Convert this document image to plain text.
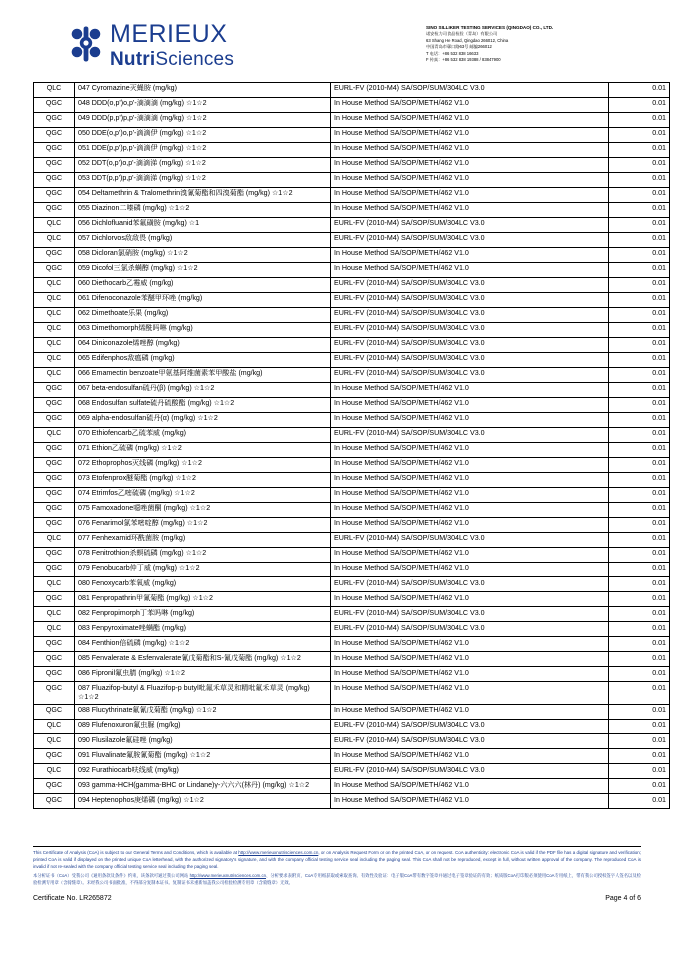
MERIEUX
NutriSciences
SINO SILLIKER TESTING SERVICES (QINGDAO) CO., LTD.
诺安检力司食品检验（青岛）有限公司
63 Shang He Road, Qingdao 266012, China
中国青岛市鄣口路63号 邮编266012
T 电话：+86 532 838 16633
F 传真：+86 532 838 19388 / 83847900
QLC	047 Cyromazine灭蝇胺 (mg/kg)	EURL-FV (2010-M4) SA/SOP/SUM/304LC V3.0	0.01
QGC	048 DDD(o,p')o,p'-滴滴滴 (mg/kg) ☆1☆2	In House Method SA/SOP/METH/462 V1.0	0.01
QGC	049 DDD(p,p')p,p'-滴滴滴 (mg/kg) ☆1☆2	In House Method SA/SOP/METH/462 V1.0	0.01
QGC	050 DDE(o,p')o,p'-滴滴伊 (mg/kg) ☆1☆2	In House Method SA/SOP/METH/462 V1.0	0.01
QGC	051 DDE(p,p')p,p'-滴滴伊 (mg/kg) ☆1☆2	In House Method SA/SOP/METH/462 V1.0	0.01
QGC	052 DDT(o,p')o,p'-滴滴涕 (mg/kg) ☆1☆2	In House Method SA/SOP/METH/462 V1.0	0.01
QGC	053 DDT(p,p')p,p'-滴滴涕 (mg/kg) ☆1☆2	In House Method SA/SOP/METH/462 V1.0	0.01
QGC	054 Deltamethrin & Tralomethrin溴氰菊酯和四溴菊酯 (mg/kg) ☆1☆2	In House Method SA/SOP/METH/462 V1.0	0.01
QGC	055 Diazinon二嗪磷 (mg/kg) ☆1☆2	In House Method SA/SOP/METH/462 V1.0	0.01
QLC	056 Dichlofluanid苯氟磺胺 (mg/kg) ☆1	EURL-FV (2010-M4) SA/SOP/SUM/304LC V3.0	0.01
QLC	057 Dichlorvos敌敌畏 (mg/kg)	EURL-FV (2010-M4) SA/SOP/SUM/304LC V3.0	0.01
QGC	058 Dicloran氯硝胺 (mg/kg) ☆1☆2	In House Method SA/SOP/METH/462 V1.0	0.01
QGC	059 Dicofol三氯杀螨醇 (mg/kg) ☆1☆2	In House Method SA/SOP/METH/462 V1.0	0.01
QLC	060 Diethocarb乙霉威 (mg/kg)	EURL-FV (2010-M4) SA/SOP/SUM/304LC V3.0	0.01
QLC	061 Difenoconazole苯醚甲环唑 (mg/kg)	EURL-FV (2010-M4) SA/SOP/SUM/304LC V3.0	0.01
QLC	062 Dimethoate乐果 (mg/kg)	EURL-FV (2010-M4) SA/SOP/SUM/304LC V3.0	0.01
QLC	063 Dimethomorph烯酰吗啉 (mg/kg)	EURL-FV (2010-M4) SA/SOP/SUM/304LC V3.0	0.01
QLC	064 Diniconazole烯唑醇 (mg/kg)	EURL-FV (2010-M4) SA/SOP/SUM/304LC V3.0	0.01
QLC	065 Edifenphos敌瘟磷 (mg/kg)	EURL-FV (2010-M4) SA/SOP/SUM/304LC V3.0	0.01
QLC	066 Emamectin benzoate甲氨基阿维菌素苯甲酸盐 (mg/kg)	EURL-FV (2010-M4) SA/SOP/SUM/304LC V3.0	0.01
QGC	067 beta-endosulfan硫丹(β) (mg/kg) ☆1☆2	In House Method SA/SOP/METH/462 V1.0	0.01
QGC	068 Endosulfan sulfate硫丹硫酸酯 (mg/kg) ☆1☆2	In House Method SA/SOP/METH/462 V1.0	0.01
QGC	069 alpha-endosulfan硫丹(α) (mg/kg) ☆1☆2	In House Method SA/SOP/METH/462 V1.0	0.01
QLC	070 Ethiofencarb乙硫苯威 (mg/kg)	EURL-FV (2010-M4) SA/SOP/SUM/304LC V3.0	0.01
QGC	071 Ethion乙硫磷 (mg/kg) ☆1☆2	In House Method SA/SOP/METH/462 V1.0	0.01
QGC	072 Ethoprophos灭线磷 (mg/kg) ☆1☆2	In House Method SA/SOP/METH/462 V1.0	0.01
QGC	073 Etofenprox醚菊酯 (mg/kg) ☆1☆2	In House Method SA/SOP/METH/462 V1.0	0.01
QGC	074 Etrimfos乙嘧硫磷 (mg/kg) ☆1☆2	In House Method SA/SOP/METH/462 V1.0	0.01
QGC	075 Famoxadone噁唑菌酮 (mg/kg) ☆1☆2	In House Method SA/SOP/METH/462 V1.0	0.01
QGC	076 Fenarimol氯苯嘧啶醇 (mg/kg) ☆1☆2	In House Method SA/SOP/METH/462 V1.0	0.01
QLC	077 Fenhexamid环酰菌胺 (mg/kg)	EURL-FV (2010-M4) SA/SOP/SUM/304LC V3.0	0.01
QGC	078 Fenitrothion杀螟硫磷 (mg/kg) ☆1☆2	In House Method SA/SOP/METH/462 V1.0	0.01
QGC	079 Fenobucarb仲丁威 (mg/kg) ☆1☆2	In House Method SA/SOP/METH/462 V1.0	0.01
QLC	080 Fenoxycarb苯氧威 (mg/kg)	EURL-FV (2010-M4) SA/SOP/SUM/304LC V3.0	0.01
QGC	081 Fenpropathrin甲氰菊酯 (mg/kg) ☆1☆2	In House Method SA/SOP/METH/462 V1.0	0.01
QLC	082 Fenpropimorph丁苯吗啉 (mg/kg)	EURL-FV (2010-M4) SA/SOP/SUM/304LC V3.0	0.01
QLC	083 Fenpyroximate唑螨酯 (mg/kg)	EURL-FV (2010-M4) SA/SOP/SUM/304LC V3.0	0.01
QGC	084 Fenthion倍硫磷 (mg/kg) ☆1☆2	In House Method SA/SOP/METH/462 V1.0	0.01
QGC	085 Fenvalerate & Esfenvalerate氰戊菊酯和S-氰戊菊酯 (mg/kg) ☆1☆2	In House Method SA/SOP/METH/462 V1.0	0.01
QGC	086 Fipronil氟虫腈 (mg/kg) ☆1☆2	In House Method SA/SOP/METH/462 V1.0	0.01
QGC	087 Fluazifop-butyl & Fluazifop-p butyl吡氟禾草灵和精吡氟禾草灵 (mg/kg) ☆1☆2	In House Method SA/SOP/METH/462 V1.0	0.01
QGC	088 Flucythrinate氟氰戊菊酯 (mg/kg) ☆1☆2	In House Method SA/SOP/METH/462 V1.0	0.01
QLC	089 Flufenoxuron氟虫脲 (mg/kg)	EURL-FV (2010-M4) SA/SOP/SUM/304LC V3.0	0.01
QLC	090 Flusilazole氟硅唑 (mg/kg)	EURL-FV (2010-M4) SA/SOP/SUM/304LC V3.0	0.01
QGC	091 Fluvalinate氟胺氰菊酯 (mg/kg) ☆1☆2	In House Method SA/SOP/METH/462 V1.0	0.01
QLC	092 Furathiocarb呋线威 (mg/kg)	EURL-FV (2010-M4) SA/SOP/SUM/304LC V3.0	0.01
QGC	093 gamma-HCH(gamma-BHC or Lindane)γ-六六六(林丹) (mg/kg) ☆1☆2	In House Method SA/SOP/METH/462 V1.0	0.01
QGC	094 Heptenophos庚烯磷 (mg/kg) ☆1☆2	In House Method SA/SOP/METH/462 V1.0	0.01
This Certificate of Analysis (CoA) is subject to our General Terms and Conditions, which is available at http://www.merieuxnutrisciences.com.cn, or on Analysis Request Form or on the printed CoA, or on request. CoA authenticity: electronic CoA is valid if the PDF file has a digital signature and verification; printed CoA is valid if displayed on the printed unique CoA letterhead, with the authorized signatory's signature, and with the company official testing service seal including the paging seal. This CoA shall not be reproduced, except in full, without written approval of the company. The reproduced CoA is invalid if not re-sealed with the company official testing service seal including the paging seal.
本分析证书（CoA）受我公司《通用条款及条件》约束，该条款可通过我公司网站 http://www.merieuxnutrisciences.com.cn、分析要求表附页、CoA专用纸获取或索取查询。有效性及验证：电子版CoA带有数字签章并通过电子签章验证的有效；纸质版CoA打印版必须使用CoA专用纸上，带有我公司授权签字人签名以及检验检测专用章（含骑缝章）。未经我公司书面批准，不得部分复制本证书。复制证书未重新加盖我公司检验检测专用章（含骑缝章）无效。
Certificate No. LR265872	Page 4 of 6
